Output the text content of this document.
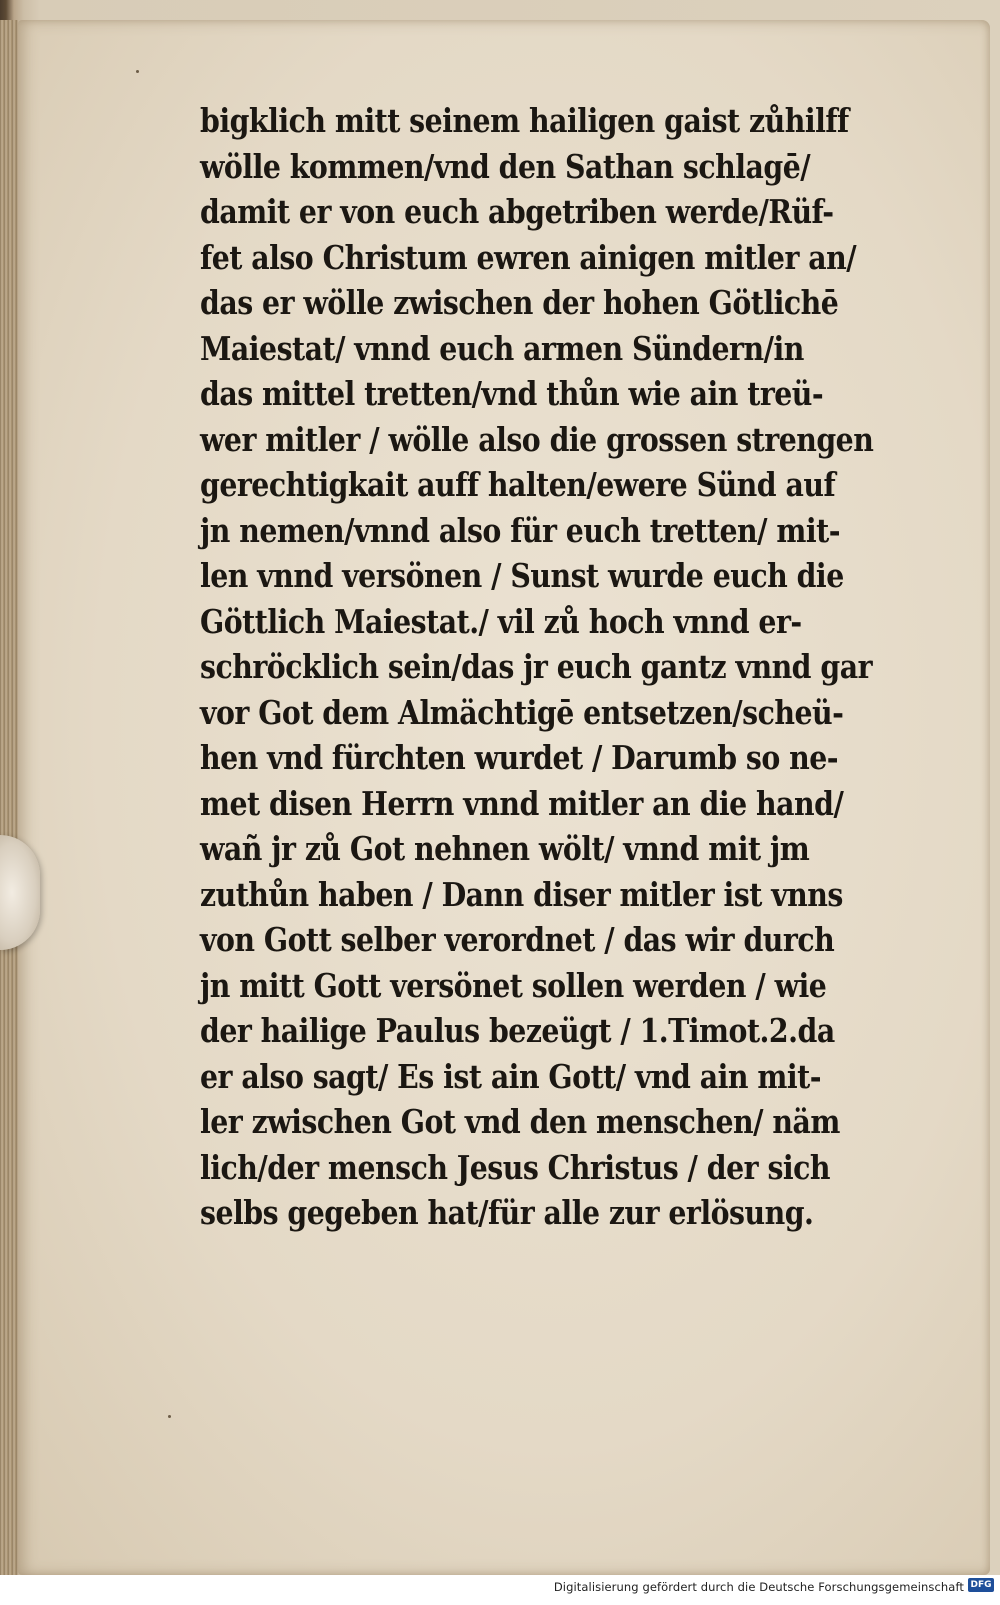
bigklich mitt seinem hailigen gaist zůhilff
wölle kommen/vnd den Sathan schlagē/
damit er von euch abgetriben werde/Rüf-
fet also Christum ewren ainigen mitler an/
das er wölle zwischen der hohen Götlichē
Maiestat/ vnnd euch armen Sündern/in
das mittel tretten/vnd thůn wie ain treü-
wer mitler / wölle also die grossen strengen
gerechtigkait auff halten/ewere Sünd auf
jn nemen/vnnd also für euch tretten/ mit-
len vnnd versönen / Sunst wurde euch die
Göttlich Maiestat./ vil zů hoch vnnd er-
schröcklich sein/das jr euch gantz vnnd gar
vor Got dem Almächtigē entsetzen/scheü-
hen vnd fürchten wurdet / Darumb so ne-
met disen Herrn vnnd mitler an die hand/
wañ jr zů Got nehnen wölt/ vnnd mit jm
zuthůn haben / Dann diser mitler ist vnns
von Gott selber verordnet / das wir durch
jn mitt Gott versönet sollen werden / wie
der hailige Paulus bezeügt / 1.Timot.2.da
er also sagt/ Es ist ain Gott/ vnd ain mit-
ler zwischen Got vnd den menschen/ näm
lich/der mensch Jesus Christus / der sich
selbs gegeben hat/für alle zur erlösung.
Digitalisierung gefördert durch die Deutsche Forschungsgemeinschaft DFG
